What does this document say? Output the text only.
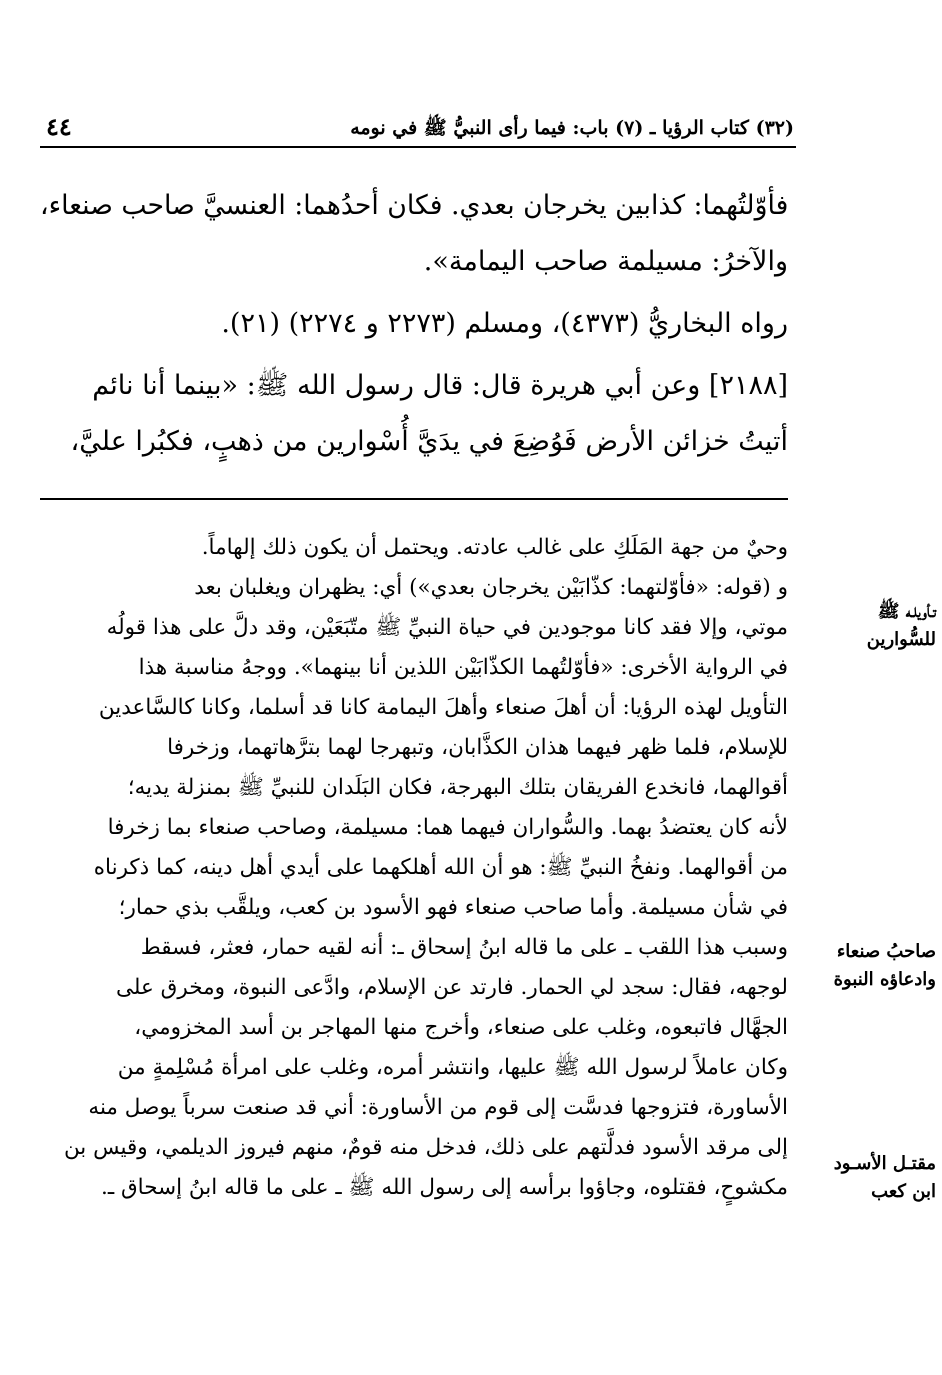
٤٤	(٣٢) كتاب الرؤيا ـ (٧) باب: فيما رأى النبيُّ ﷺ في نومه
فأوّلتُهما: كذابين يخرجان بعدي. فكان أحدُهما: العنسيَّ صاحب صنعاء،
والآخرُ: مسيلمة صاحب اليمامة».
رواه البخاريُّ (٤٣٧٣)، ومسلم (٢٢٧٣ و ٢٢٧٤) (٢١).
[٢١٨٨] وعن أبي هريرة قال: قال رسول الله ﷺ: «بينما أنا نائم
أتيتُ خزائن الأرض فَوُضِعَ في يدَيَّ أُسْوارين من ذهبٍ، فكبُرا عليَّ،
وحيٌ من جهة المَلَكِ على غالب عادته. ويحتمل أن يكون ذلك إلهاماً.
و (قوله: «فأوّلتهما: كذّابَيْن يخرجان بعدي») أي: يظهران ويغلبان بعد
موتي، وإلا فقد كانا موجودين في حياة النبيِّ ﷺ متّبَعَيْن، وقد دلَّ على هذا قولُه
في الرواية الأخرى: «فأوّلتُهما الكذّابَيْن اللذين أنا بينهما». ووجهُ مناسبة هذا
التأويل لهذه الرؤيا: أن أهلَ صنعاء وأهلَ اليمامة كانا قد أسلما، وكانا كالسَّاعدين
للإسلام، فلما ظهر فيهما هذان الكذَّابان، وتبهرجا لهما بترَّهاتهما، وزخرفا
أقوالهما، فانخدع الفريقان بتلك البهرجة، فكان البَلَدان للنبيِّ ﷺ بمنزلة يديه؛
لأنه كان يعتضدُ بهما. والسُّواران فيهما هما: مسيلمة، وصاحب صنعاء بما زخرفا
من أقوالهما. ونفخُ النبيِّ ﷺ: هو أن الله أهلكهما على أيدي أهل دينه، كما ذكرناه
في شأن مسيلمة. وأما صاحب صنعاء فهو الأسود بن كعب، ويلقَّب بذي حمار؛
وسبب هذا اللقب ـ على ما قاله ابنُ إسحاق ـ: أنه لقيه حمار، فعثر، فسقط
لوجهه، فقال: سجد لي الحمار. فارتد عن الإسلام، وادَّعى النبوة، ومخرق على
الجهَّال فاتبعوه، وغلب على صنعاء، وأخرج منها المهاجر بن أسد المخزومي،
وكان عاملاً لرسول الله ﷺ عليها، وانتشر أمره، وغلب على امرأة مُسْلِمةٍ من
الأساورة، فتزوجها فدسَّت إلى قوم من الأساورة: أني قد صنعت سرباً يوصل منه
إلى مرقد الأسود فدلَّتهم على ذلك، فدخل منه قومٌ، منهم فيروز الديلمي، وقيس بن
مكشوحٍ، فقتلوه، وجاؤوا برأسه إلى رسول الله ﷺ ـ على ما قاله ابنُ إسحاق ـ.
تـأويلـه ﷺ
للسُّوارين
صاحبُ صنعاء
وادعاؤه النبوة
مقتـل الأسـود
ابن كعب
